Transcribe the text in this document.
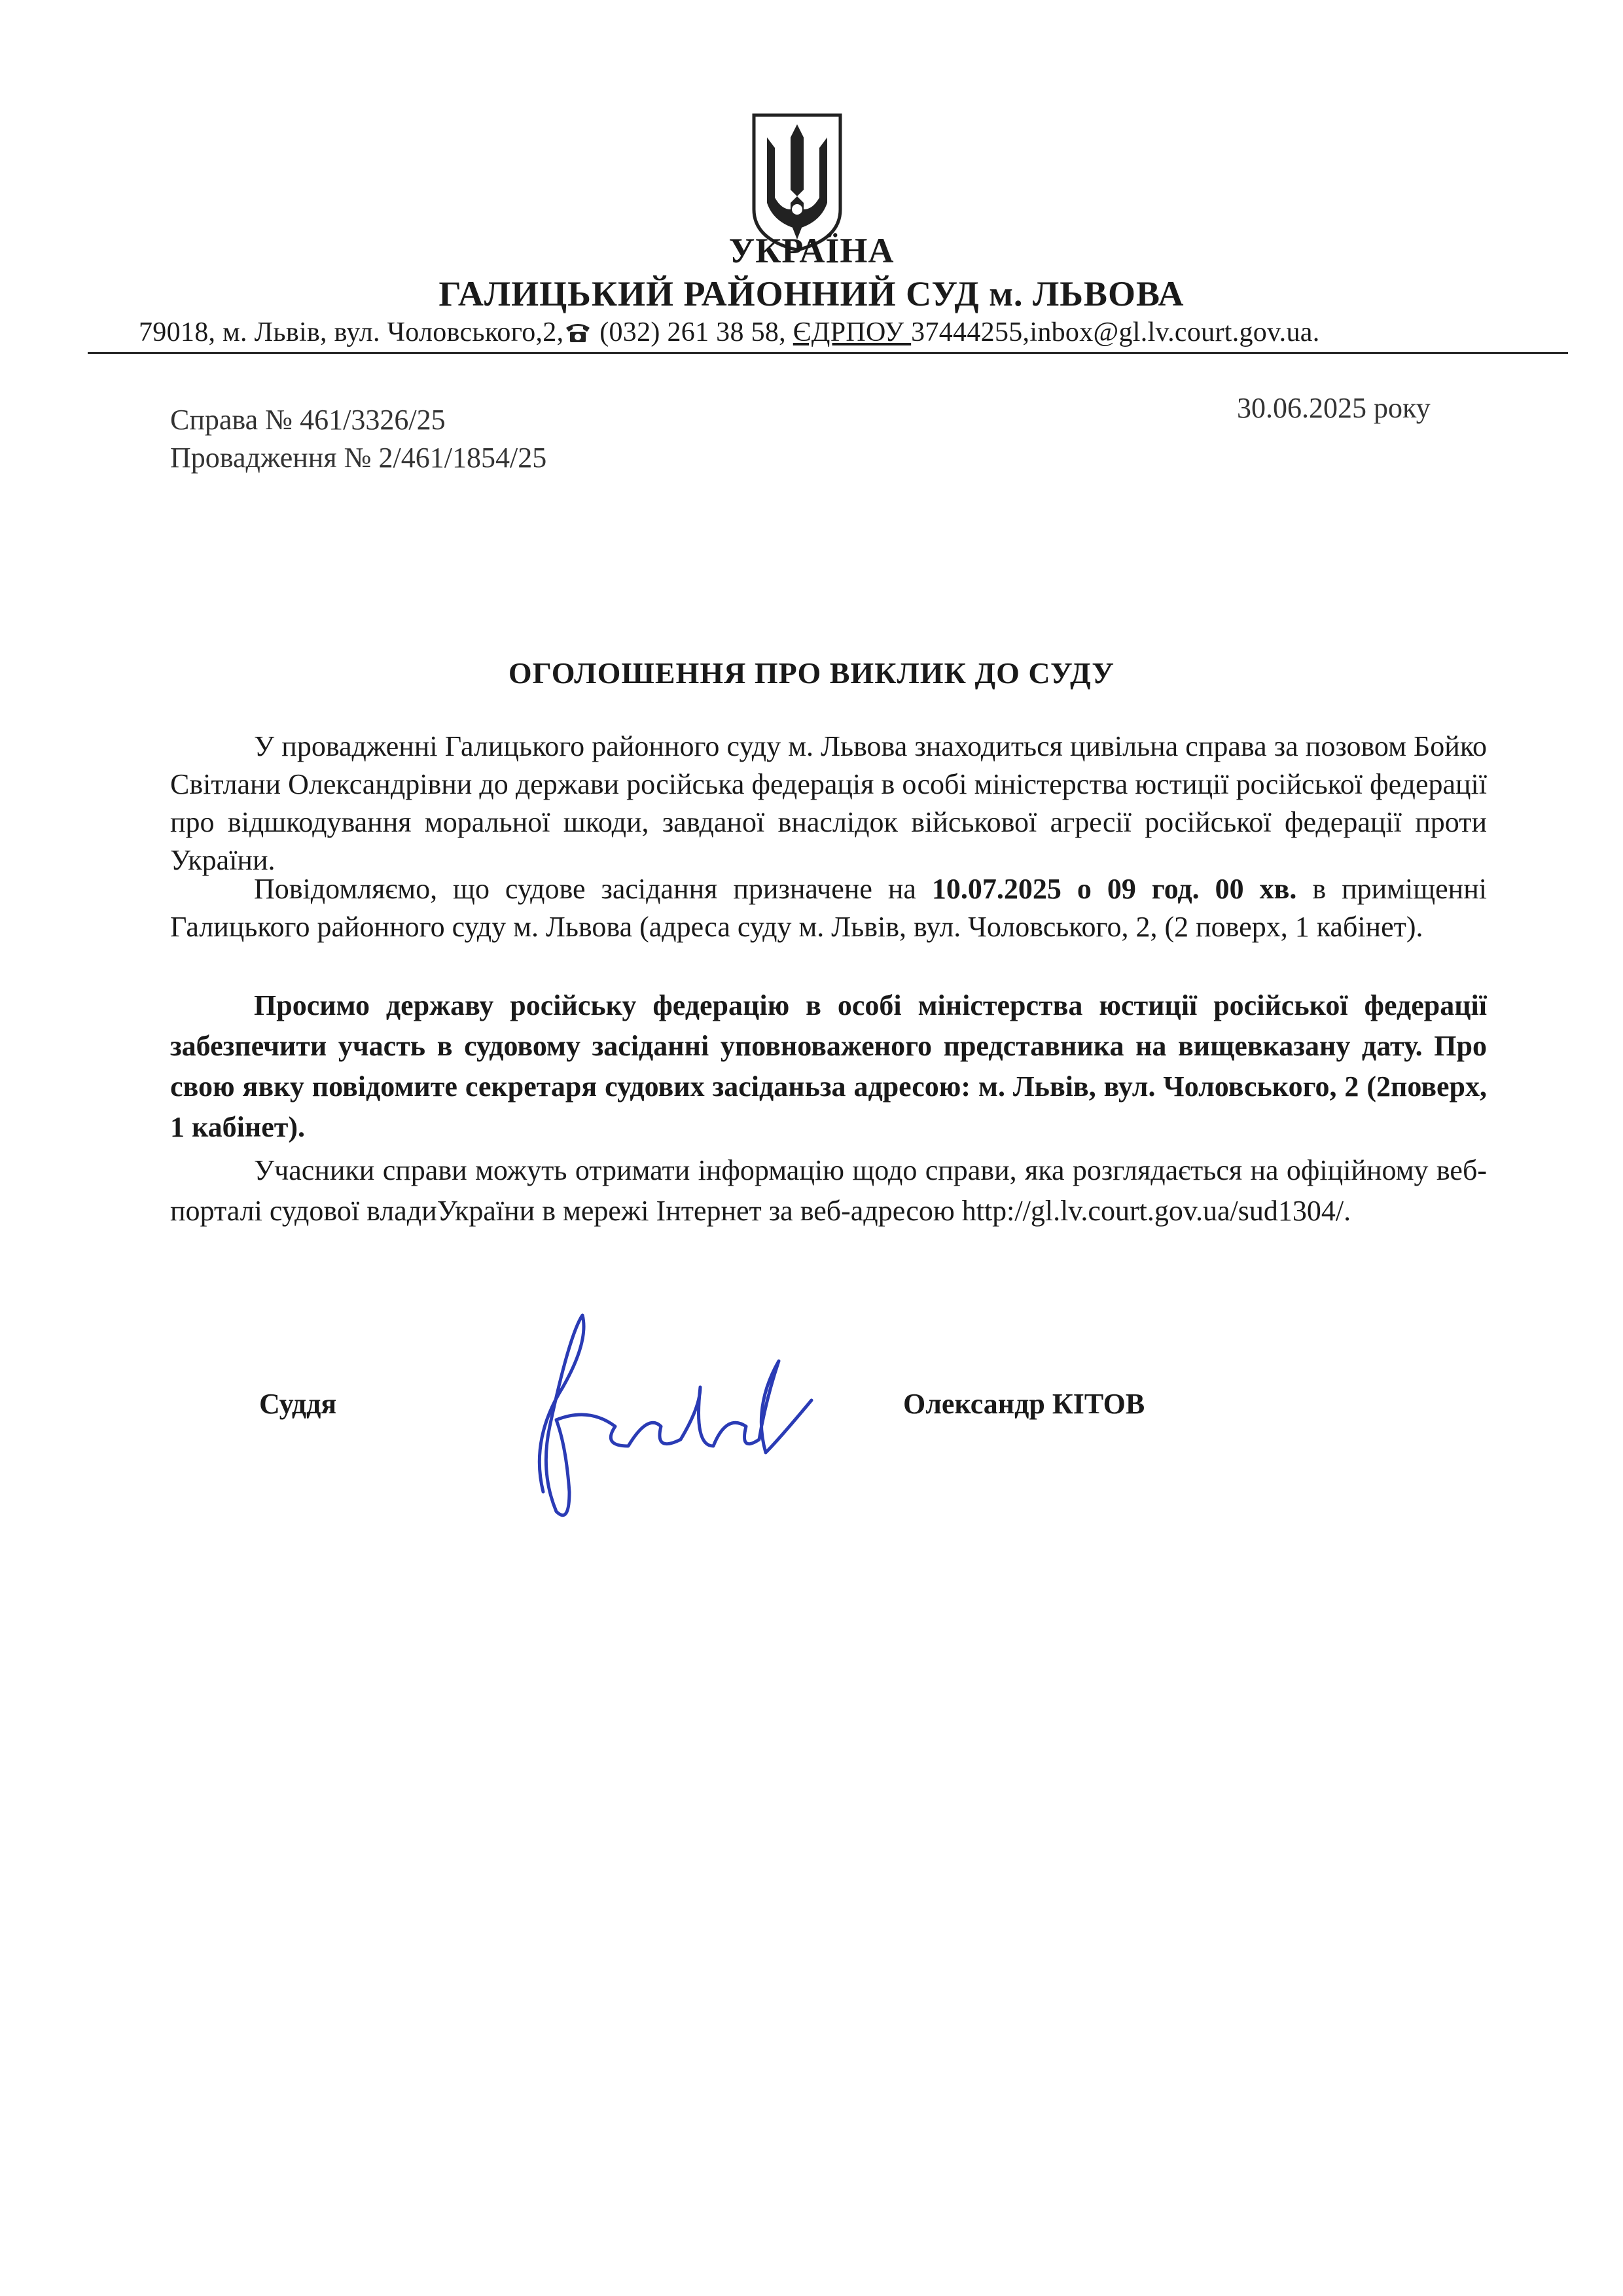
УКРАЇНА
ГАЛИЦЬКИЙ РАЙОННИЙ СУД м. ЛЬВОВА
79018, м. Львів, вул. Чоловського,2, (032) 261 38 58, ЄДРПОУ 37444255,inbox@gl.lv.court.gov.ua.
Справа № 461/3326/25
Провадження № 2/461/1854/25
30.06.2025 року
ОГОЛОШЕННЯ ПРО ВИКЛИК ДО СУДУ
У провадженні Галицького районного суду м. Львова знаходиться цивільна справа за позовом Бойко Світлани Олександрівни до держави російська федерація в особі міністерства юстиції російської федерації про відшкодування моральної шкоди, завданої внаслідок військової агресії російської федерації проти України.
Повідомляємо, що судове засідання призначене на 10.07.2025 о 09 год. 00 хв. в приміщенні Галицького районного суду м. Львова (адреса суду м. Львів, вул. Чоловського, 2, (2 поверх, 1 кабінет).
Просимо державу російську федерацію в особі міністерства юстиції російської федерації забезпечити участь в судовому засіданні уповноваженого представника на вищевказану дату. Про свою явку повідомите секретаря судових засіданьза адресою: м. Львів, вул. Чоловського, 2 (2поверх, 1 кабінет).
Учасники справи можуть отримати інформацію щодо справи, яка розглядається на офіційному веб-порталі судової владиУкраїни в мережі Інтернет за веб-адресою http://gl.lv.court.gov.ua/sud1304/.
Суддя	Олександр КІТОВ
